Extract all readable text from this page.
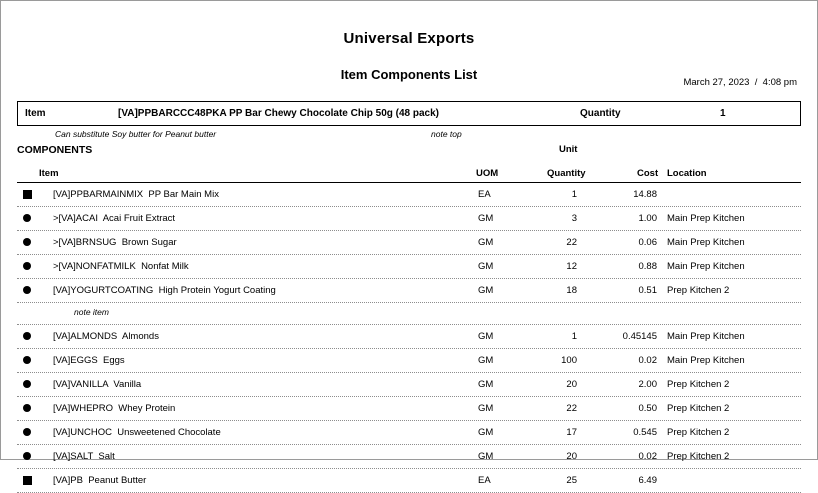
Universal Exports
Item Components List
March 27, 2023  /  4:08 pm
Item	[VA]PPBARCCC48PKA PP Bar Chewy Chocolate Chip 50g (48 pack)	Quantity	1
Can substitute Soy butter for Peanut butter	note top
COMPONENTS	Unit
Item	UOM	Quantity	Cost Location
[VA]PPBARMAINMIX  PP Bar Main Mix	EA	1	14.88
>[VA]ACAI  Acai Fruit Extract	GM	3	1.00 Main Prep Kitchen
>[VA]BRNSUG  Brown Sugar	GM	22	0.06 Main Prep Kitchen
>[VA]NONFATMILK  Nonfat Milk	GM	12	0.88 Main Prep Kitchen
[VA]YOGURTCOATING  High Protein Yogurt Coating	GM	18	0.51 Prep Kitchen 2
note item
[VA]ALMONDS  Almonds	GM	1	0.45145 Main Prep Kitchen
[VA]EGGS  Eggs	GM	100	0.02 Main Prep Kitchen
[VA]VANILLA  Vanilla	GM	20	2.00 Prep Kitchen 2
[VA]WHEPRO  Whey Protein	GM	22	0.50 Prep Kitchen 2
[VA]UNCHOC  Unsweetened Chocolate	GM	17	0.545 Prep Kitchen 2
[VA]SALT  Salt	GM	20	0.02 Prep Kitchen 2
[VA]PB  Peanut Butter	EA	25	6.49
